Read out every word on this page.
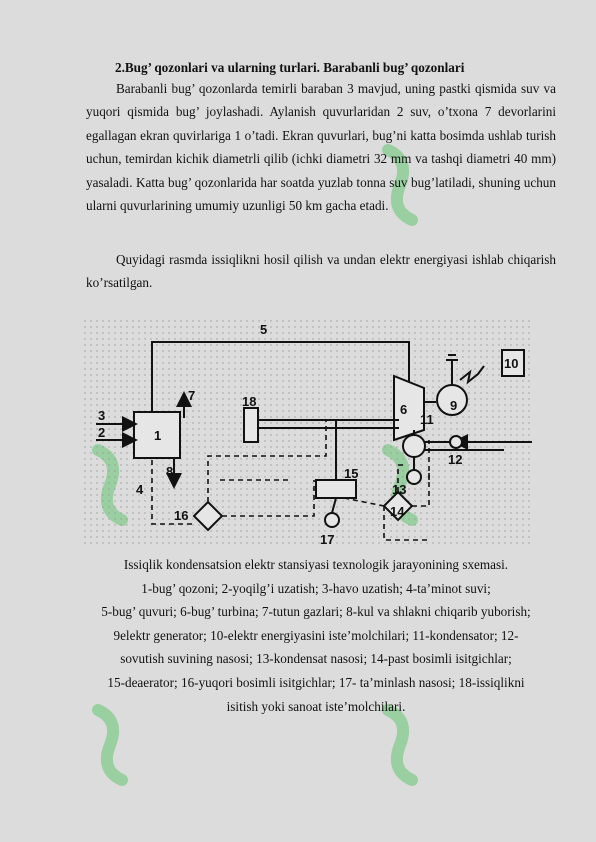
2.Bug’ qozonlari va ularning turlari. Barabanli bug’ qozonlari
Barabanli bug’ qozonlarda temirli baraban 3 mavjud, uning pastki qismida suv va yuqori qismida bug’ joylashadi. Aylanish quvurlaridan 2 suv, o’txona 7 devorlarini egallagan ekran quvirlariga 1 o’tadi. Ekran quvurlari, bug’ni katta bosimda ushlab turish uchun, temirdan kichik diametrli qilib (ichki diametri 32 mm va tashqi diametri 40 mm) yasaladi. Katta bug’ qozonlarida har soatda yuzlab tonna suv bug’latiladi, shuning uchun ularni quvurlarining umumiy uzunligi 50 km gacha etadi.
Quyidagi rasmda issiqlikni hosil qilish va undan elektr energiyasi ishlab chiqarish ko’rsatilgan.
1
2
3
4
5
6
7
8
9
10
11
12
13
14
15
16
17
18
Issiqlik kondensatsion elektr stansiyasi texnologik jarayonining sxemasi.
1-bug’ qozoni; 2-yoqilg’i uzatish; 3-havo uzatish; 4-ta’minot suvi;
5-bug’ quvuri; 6-bug’ turbina; 7-tutun gazlari; 8-kul va shlakni chiqarib yuborish;
9elektr generator; 10-elektr energiyasini iste’molchilari; 11-kondensator; 12-
sovutish suvining nasosi; 13-kondensat nasosi; 14-past bosimli isitgichlar;
15-deaerator; 16-yuqori bosimli isitgichlar; 17- ta’minlash nasosi; 18-issiqlikni
isitish yoki sanoat iste’molchilari.
